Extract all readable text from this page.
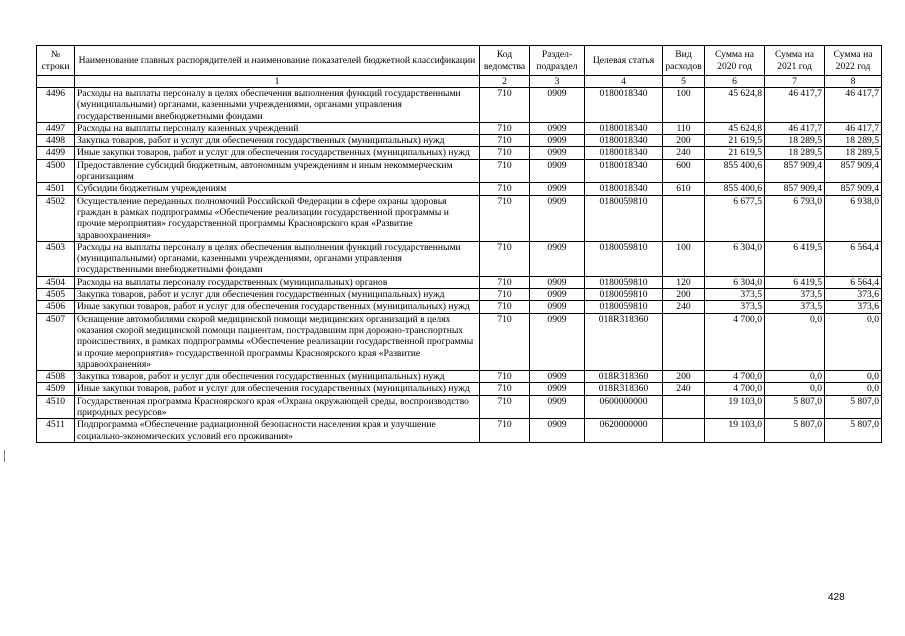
№ строки	Наименование главных распорядителей и наименование показателей бюджетной классификации	Код ведомства	Раздел-подраздел	Целевая статья	Вид расходов	Сумма на 2020 год	Сумма на 2021 год	Сумма на 2022 год
	1	2	3	4	5	6	7	8
4496	Расходы на выплаты персоналу в целях обеспечения выполнения функций государственными (муниципальными) органами, казенными учреждениями, органами управления государственными внебюджетными фондами	710	0909	0180018340	100	45 624,8	46 417,7	46 417,7
4497	Расходы на выплаты персоналу казенных учреждений	710	0909	0180018340	110	45 624,8	46 417,7	46 417,7
4498	Закупка товаров, работ и услуг для обеспечения государственных (муниципальных) нужд	710	0909	0180018340	200	21 619,5	18 289,5	18 289,5
4499	Иные закупки товаров, работ и услуг для обеспечения государственных (муниципальных) нужд	710	0909	0180018340	240	21 619,5	18 289,5	18 289,5
4500	Предоставление субсидий бюджетным, автономным учреждениям и иным некоммерческим организациям	710	0909	0180018340	600	855 400,6	857 909,4	857 909,4
4501	Субсидии бюджетным учреждениям	710	0909	0180018340	610	855 400,6	857 909,4	857 909,4
4502	Осуществление переданных полномочий Российской Федерации в сфере охраны здоровья граждан в рамках подпрограммы «Обеспечение реализации государственной программы и прочие мероприятия» государственной программы Красноярского края «Развитие здравоохранения»	710	0909	0180059810		6 677,5	6 793,0	6 938,0
4503	Расходы на выплаты персоналу в целях обеспечения выполнения функций государственными (муниципальными) органами, казенными учреждениями, органами управления государственными внебюджетными фондами	710	0909	0180059810	100	6 304,0	6 419,5	6 564,4
4504	Расходы на выплаты персоналу государственных (муниципальных) органов	710	0909	0180059810	120	6 304,0	6 419,5	6 564,4
4505	Закупка товаров, работ и услуг для обеспечения государственных (муниципальных) нужд	710	0909	0180059810	200	373,5	373,5	373,6
4506	Иные закупки товаров, работ и услуг для обеспечения государственных (муниципальных) нужд	710	0909	0180059810	240	373,5	373,5	373,6
4507	Оснащение автомобилями скорой медицинской помощи медицинских организаций в целях оказания скорой медицинской помощи пациентам, пострадавшим при дорожно-транспортных происшествиях, в рамках подпрограммы «Обеспечение реализации государственной программы и прочие мероприятия» государственной программы Красноярского края «Развитие здравоохранения»	710	0909	018R318360		4 700,0	0,0	0,0
4508	Закупка товаров, работ и услуг для обеспечения государственных (муниципальных) нужд	710	0909	018R318360	200	4 700,0	0,0	0,0
4509	Иные закупки товаров, работ и услуг для обеспечения государственных (муниципальных) нужд	710	0909	018R318360	240	4 700,0	0,0	0,0
4510	Государственная программа Красноярского края «Охрана окружающей среды, воспроизводство природных ресурсов»	710	0909	0600000000		19 103,0	5 807,0	5 807,0
4511	Подпрограмма «Обеспечение радиационной безопасности населения края и улучшение социально-экономических условий его проживания»	710	0909	0620000000		19 103,0	5 807,0	5 807,0
428
